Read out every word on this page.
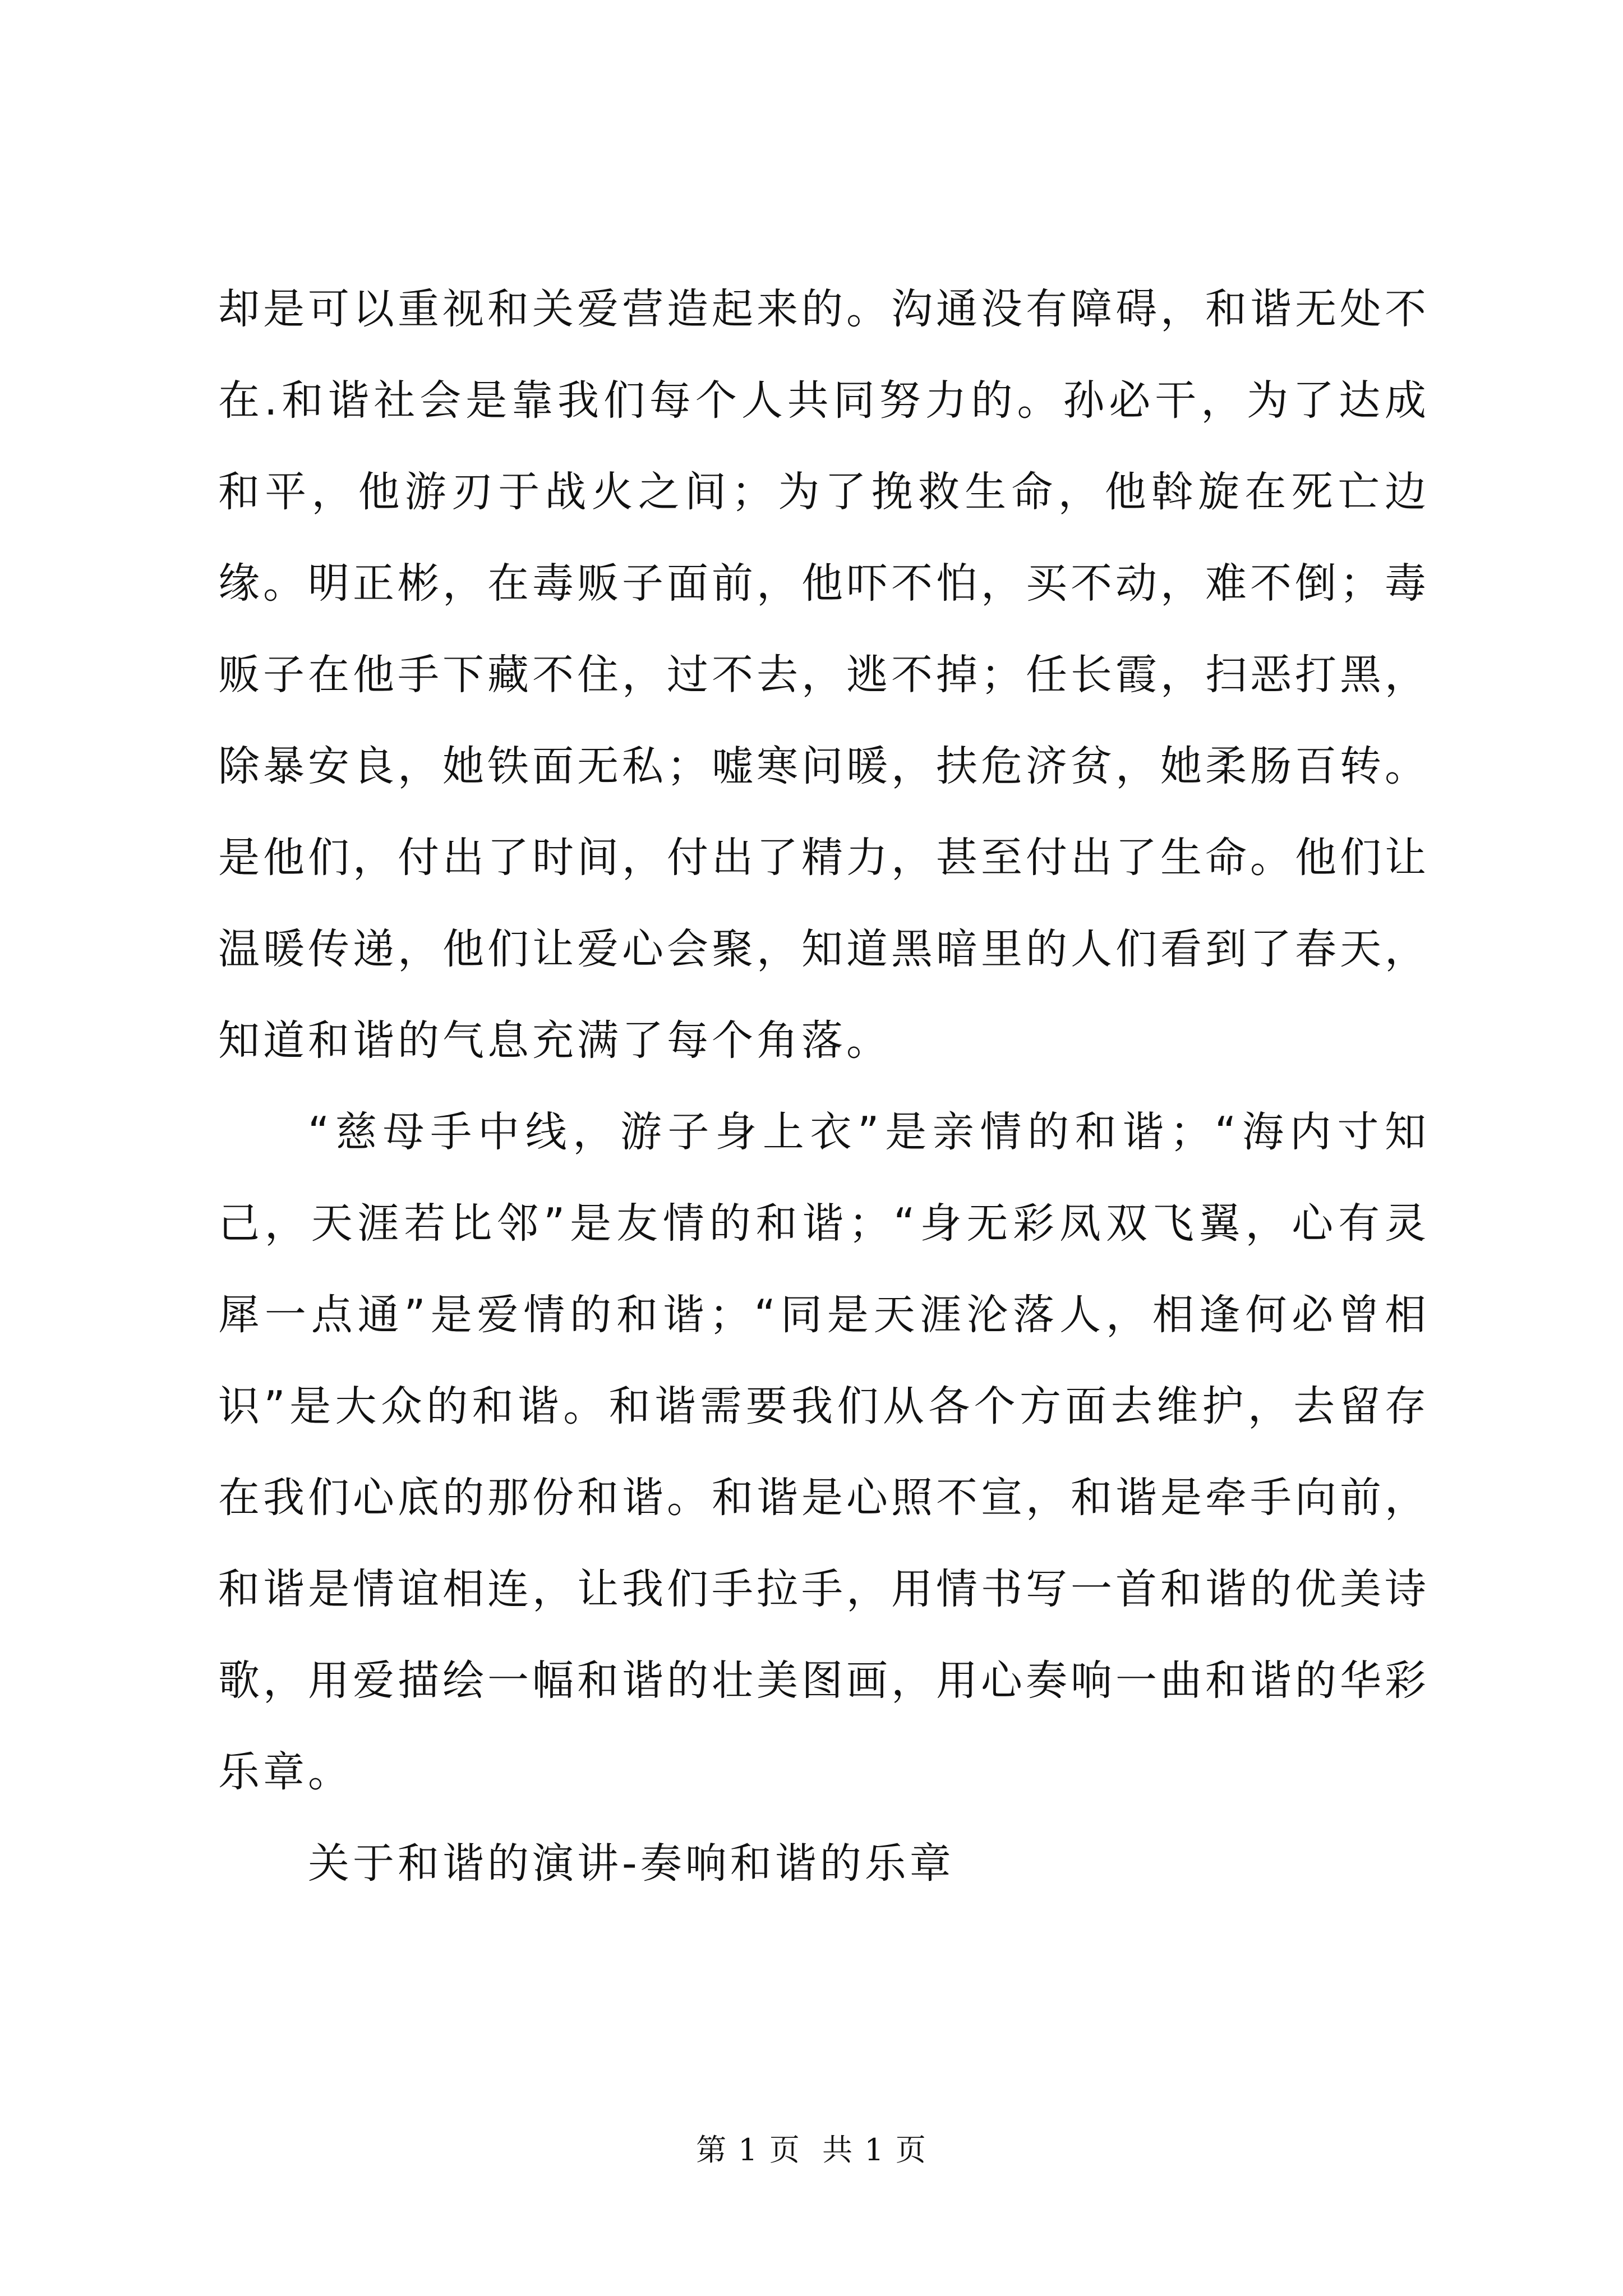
却是可以重视和关爱营造起来的。沟通没有障碍，和谐无处不在.和谐社会是靠我们每个人共同努力的。孙必干，为了达成和平，他游刃于战火之间；为了挽救生命，他斡旋在死亡边缘。明正彬，在毒贩子面前，他吓不怕，买不动，难不倒；毒贩子在他手下藏不住，过不去，逃不掉；任长霞，扫恶打黑，除暴安良，她铁面无私；嘘寒问暖，扶危济贫，她柔肠百转。是他们，付出了时间，付出了精力，甚至付出了生命。他们让温暖传递，他们让爱心会聚，知道黑暗里的人们看到了春天，知道和谐的气息充满了每个角落。

“慈母手中线，游子身上衣”是亲情的和谐；“海内寸知己，天涯若比邻”是友情的和谐；“身无彩凤双飞翼，心有灵犀一点通”是爱情的和谐；“同是天涯沦落人，相逢何必曾相识”是大众的和谐。和谐需要我们从各个方面去维护，去留存在我们心底的那份和谐。和谐是心照不宣，和谐是牵手向前，和谐是情谊相连，让我们手拉手，用情书写一首和谐的优美诗歌，用爱描绘一幅和谐的壮美图画，用心奏响一曲和谐的华彩乐章。

关于和谐的演讲-奏响和谐的乐章

第 1 页  共 1 页
